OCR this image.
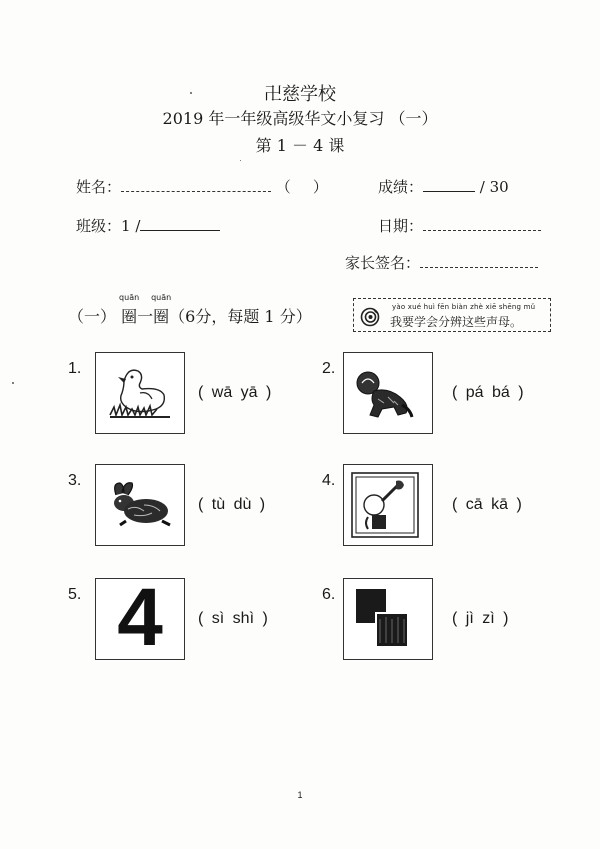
卍慈学校
2019 年一年级高级华文小复习 （一）
第 1 － 4 课
姓名：	（ ）	成绩：	/ 30
班级：1 /	日期：
家长签名：
（一）
quān
圈一
quān
圈（6分，每题 1 分）	yào xué huì fēn biàn zhè xiē shēng mǔ
我要学会分辨这些声母。
1.
( wā yā )
2.
( pá bá )
3.
( tù dù )
4.
( cā kā )
5. 4	( sì shì )
6.
( jì zì )
1
